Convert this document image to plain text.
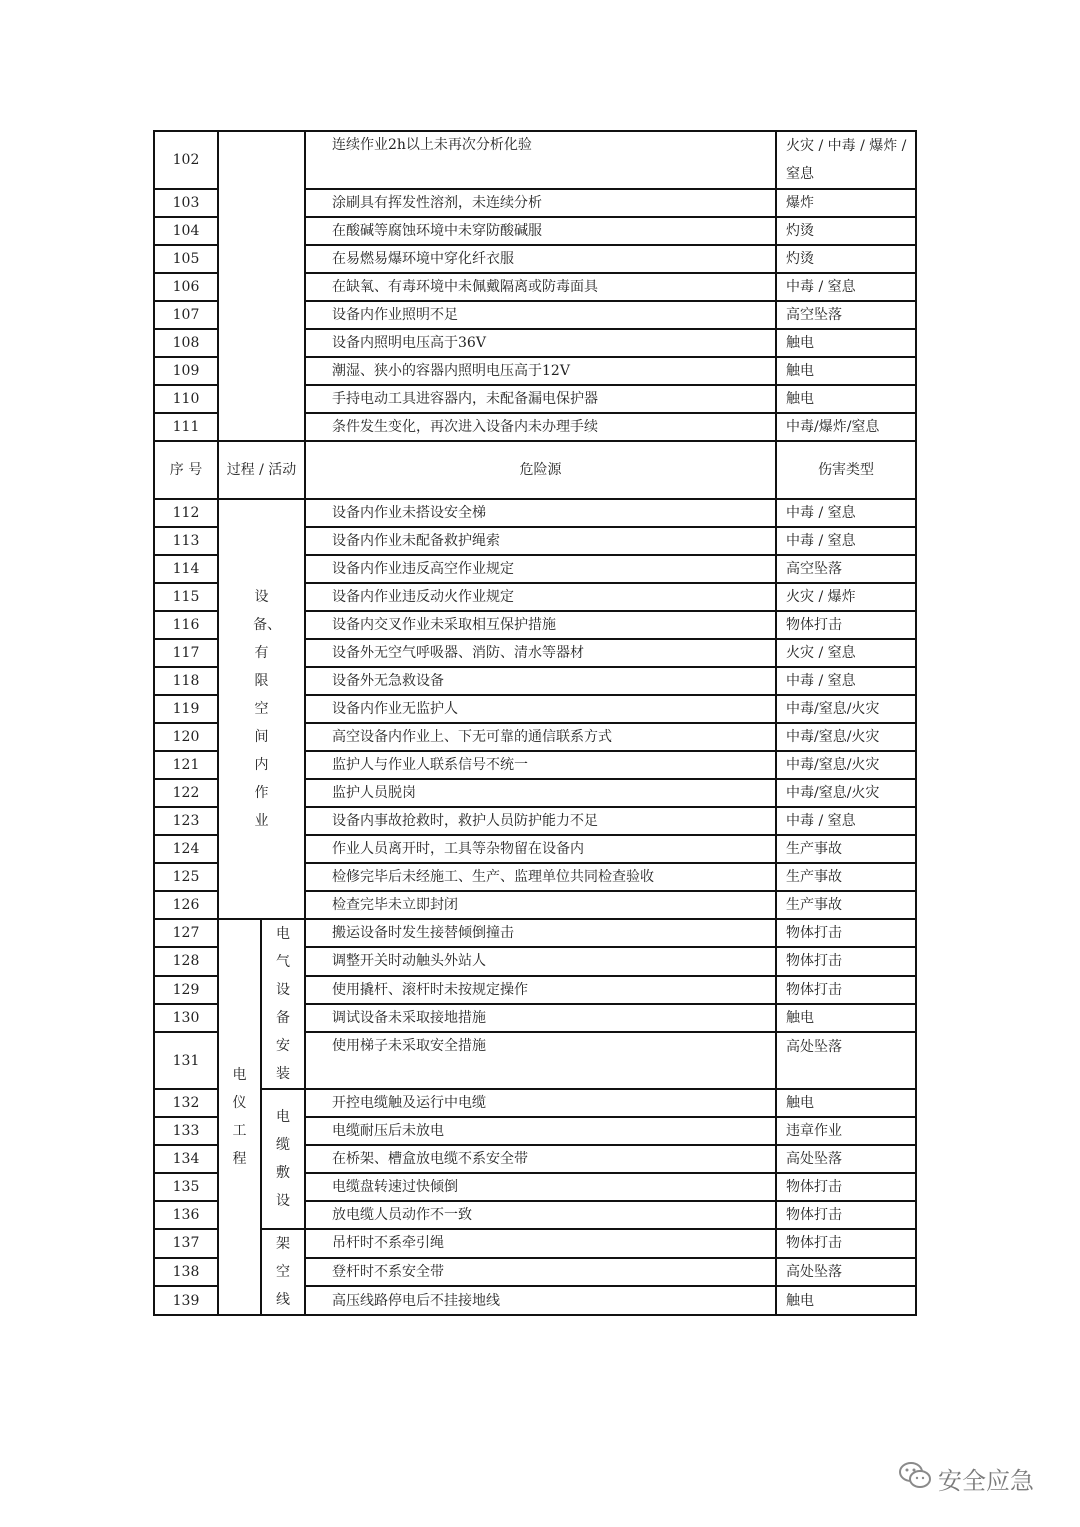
102			连续作业2h以上未再次分析化验	火灾 / 中毒 / 爆炸 / 窒息
103			涂刷具有挥发性溶剂，未连续分析	爆炸
104			在酸碱等腐蚀环境中未穿防酸碱服	灼烫
105			在易燃易爆环境中穿化纤衣服	灼烫
106			在缺氧、有毒环境中未佩戴隔离或防毒面具	中毒 / 窒息
107			设备内作业照明不足	高空坠落
108			设备内照明电压高于36V	触电
109			潮湿、狭小的容器内照明电压高于12V	触电
110			手持电动工具进容器内，未配备漏电保护器	触电
111			条件发生变化，再次进入设备内未办理手续	中毒/爆炸/窒息
序 号	过程 / 活动		危险源	伤害类型
112	设备、有限空间内作业		设备内作业未搭设安全梯	中毒 / 窒息
113			设备内作业未配备救护绳索	中毒 / 窒息
114			设备内作业违反高空作业规定	高空坠落
115			设备内作业违反动火作业规定	火灾 / 爆炸
116			设备内交叉作业未采取相互保护措施	物体打击
117			设备外无空气呼吸器、消防、清水等器材	火灾 / 窒息
118			设备外无急救设备	中毒 / 窒息
119			设备内作业无监护人	中毒/窒息/火灾
120			高空设备内作业上、下无可靠的通信联系方式	中毒/窒息/火灾
121			监护人与作业人联系信号不统一	中毒/窒息/火灾
122			监护人员脱岗	中毒/窒息/火灾
123			设备内事故抢救时，救护人员防护能力不足	中毒 / 窒息
124			作业人员离开时，工具等杂物留在设备内	生产事故
125			检修完毕后未经施工、生产、监理单位共同检查验收	生产事故
126			检查完毕未立即封闭	生产事故
127	电仪工程	电气设备安装	搬运设备时发生接替倾倒撞击	物体打击
128			调整开关时动触头外站人	物体打击
129			使用撬杆、滚杆时未按规定操作	物体打击
130			调试设备未采取接地措施	触电
131			使用梯子未采取安全措施	高处坠落
132		电缆敷设	开控电缆触及运行中电缆	触电
133			电缆耐压后未放电	违章作业
134			在桥架、槽盒放电缆不系安全带	高处坠落
135			电缆盘转速过快倾倒	物体打击
136			放电缆人员动作不一致	物体打击
137		架空线	吊杆时不系牵引绳	物体打击
138			登杆时不系安全带	高处坠落
139			高压线路停电后不挂接地线	触电
安全应急
